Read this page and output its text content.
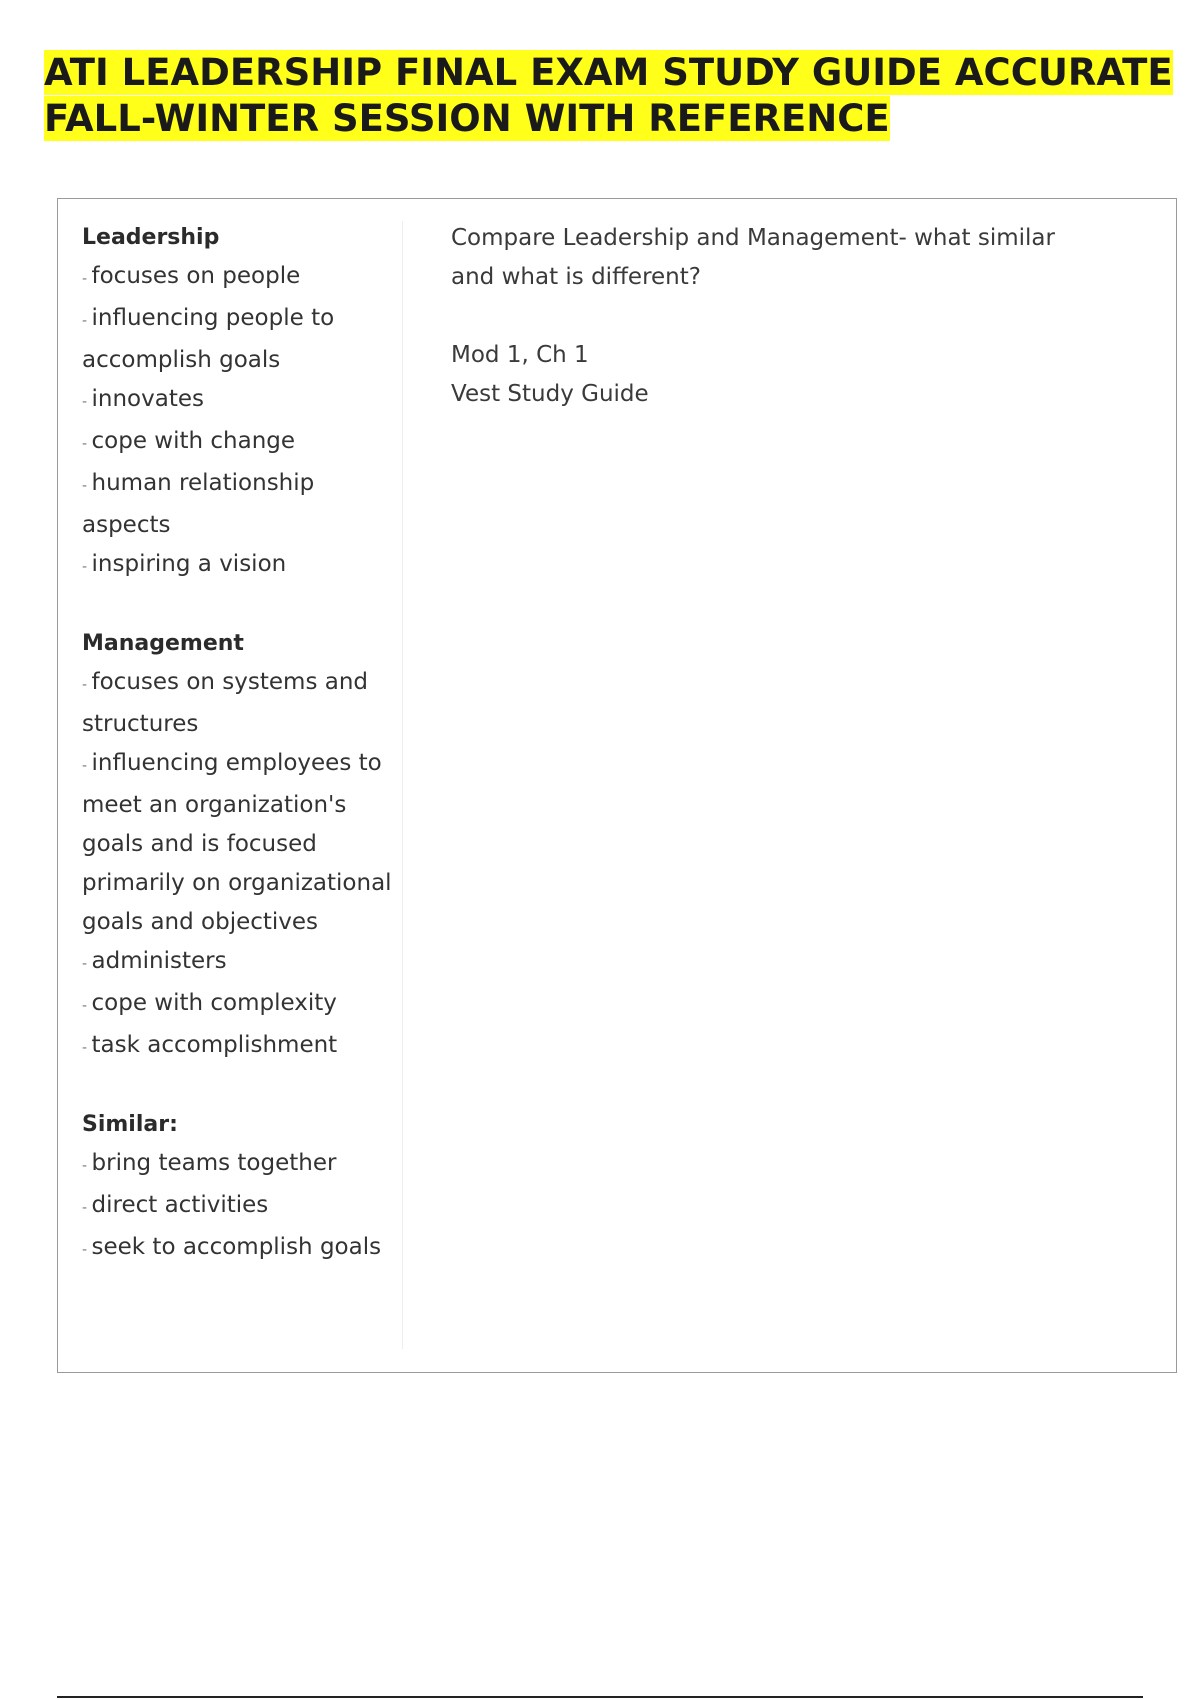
ATI LEADERSHIP FINAL EXAM STUDY GUIDE ACCURATE FALL-WINTER SESSION WITH REFERENCE
Leadership
- focuses on people
- influencing people to accomplish goals
- innovates
- cope with change
- human relationship aspects
- inspiring a vision
Management
- focuses on systems and structures
- influencing employees to meet an organization's goals and is focused primarily on organizational goals and objectives
- administers
- cope with complexity
- task accomplishment
Similar:
- bring teams together
- direct activities
- seek to accomplish goals

Compare Leadership and Management- what similar and what is different?

Mod 1, Ch 1

Vest Study Guide
